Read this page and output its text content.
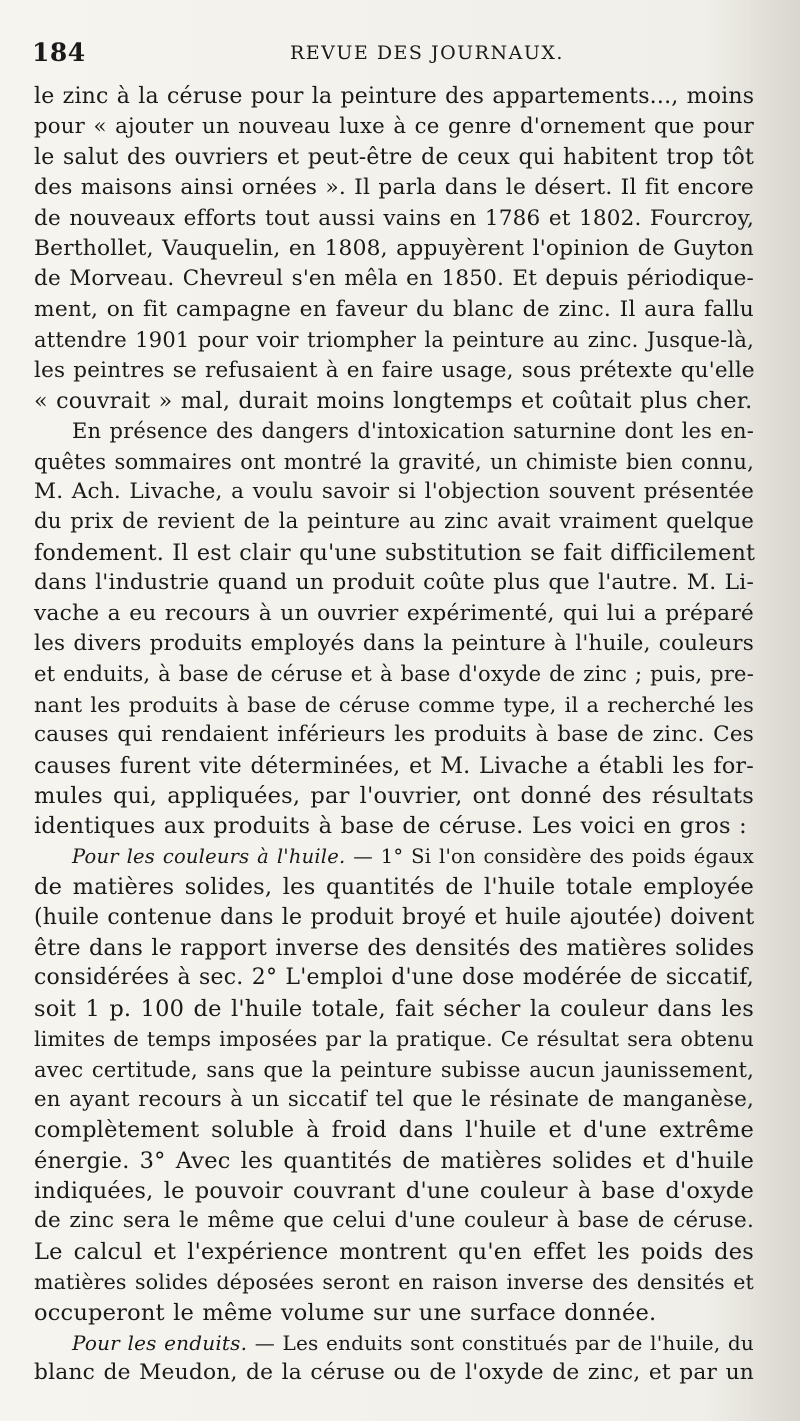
184	REVUE DES JOURNAUX.
le zinc à la céruse pour la peinture des appartements..., moins
pour « ajouter un nouveau luxe à ce genre d'ornement que pour
le salut des ouvriers et peut-être de ceux qui habitent trop tôt
des maisons ainsi ornées ». Il parla dans le désert. Il fit encore
de nouveaux efforts tout aussi vains en 1786 et 1802. Fourcroy,
Berthollet, Vauquelin, en 1808, appuyèrent l'opinion de Guyton
de Morveau. Chevreul s'en mêla en 1850. Et depuis périodique-
ment, on fit campagne en faveur du blanc de zinc. Il aura fallu
attendre 1901 pour voir triompher la peinture au zinc. Jusque-là,
les peintres se refusaient à en faire usage, sous prétexte qu'elle
« couvrait » mal, durait moins longtemps et coûtait plus cher.
En présence des dangers d'intoxication saturnine dont les en-
quêtes sommaires ont montré la gravité, un chimiste bien connu,
M. Ach. Livache, a voulu savoir si l'objection souvent présentée
du prix de revient de la peinture au zinc avait vraiment quelque
fondement. Il est clair qu'une substitution se fait difficilement
dans l'industrie quand un produit coûte plus que l'autre. M. Li-
vache a eu recours à un ouvrier expérimenté, qui lui a préparé
les divers produits employés dans la peinture à l'huile, couleurs
et enduits, à base de céruse et à base d'oxyde de zinc ; puis, pre-
nant les produits à base de céruse comme type, il a recherché les
causes qui rendaient inférieurs les produits à base de zinc. Ces
causes furent vite déterminées, et M. Livache a établi les for-
mules qui, appliquées, par l'ouvrier, ont donné des résultats
identiques aux produits à base de céruse. Les voici en gros :
Pour les couleurs à l'huile. — 1° Si l'on considère des poids égaux
de matières solides, les quantités de l'huile totale employée
(huile contenue dans le produit broyé et huile ajoutée) doivent
être dans le rapport inverse des densités des matières solides
considérées à sec. 2° L'emploi d'une dose modérée de siccatif,
soit 1 p. 100 de l'huile totale, fait sécher la couleur dans les
limites de temps imposées par la pratique. Ce résultat sera obtenu
avec certitude, sans que la peinture subisse aucun jaunissement,
en ayant recours à un siccatif tel que le résinate de manganèse,
complètement soluble à froid dans l'huile et d'une extrême
énergie. 3° Avec les quantités de matières solides et d'huile
indiquées, le pouvoir couvrant d'une couleur à base d'oxyde
de zinc sera le même que celui d'une couleur à base de céruse.
Le calcul et l'expérience montrent qu'en effet les poids des
matières solides déposées seront en raison inverse des densités et
occuperont le même volume sur une surface donnée.
Pour les enduits. — Les enduits sont constitués par de l'huile, du
blanc de Meudon, de la céruse ou de l'oxyde de zinc, et par un
